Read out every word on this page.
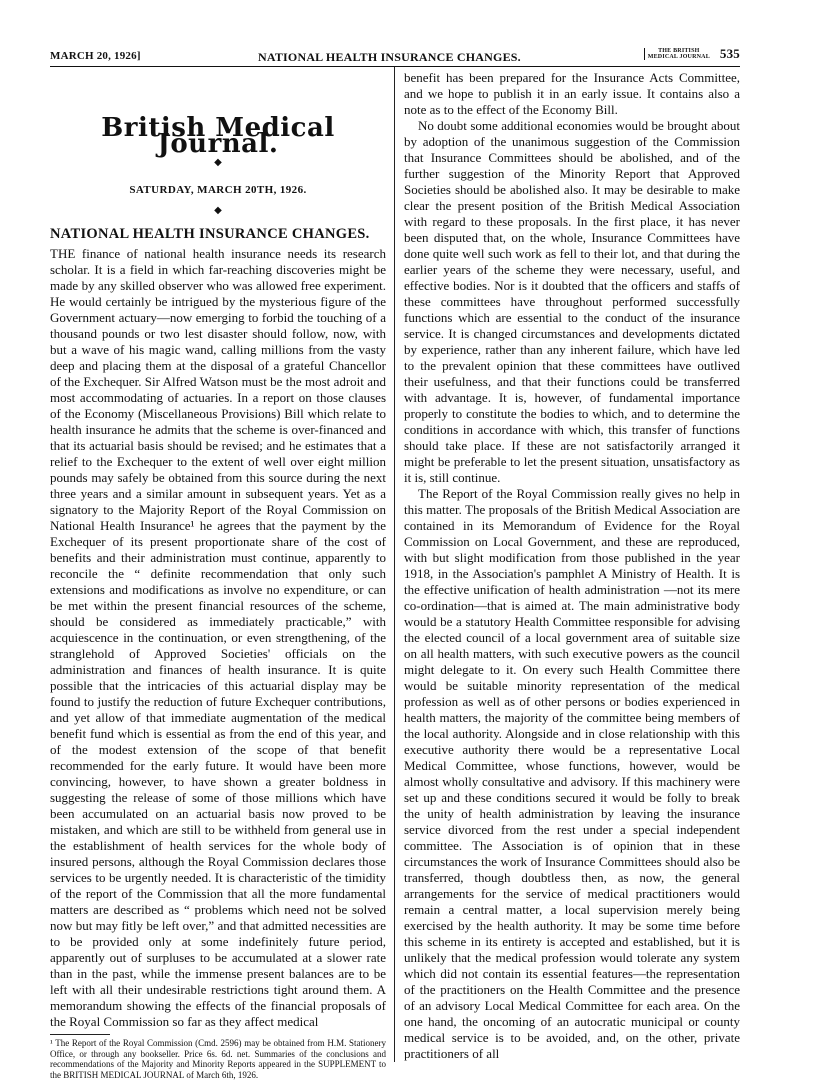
MARCH 20, 1926]	NATIONAL HEALTH INSURANCE CHANGES.	THE BRITISH
MEDICAL JOURNAL 535
British Medical Journal.
◆
SATURDAY, MARCH 20TH, 1926.
◆
NATIONAL HEALTH INSURANCE CHANGES.

THE finance of national health insurance needs its research scholar. It is a field in which far-reaching discoveries might be made by any skilled observer who was allowed free experiment. He would certainly be intrigued by the mysterious figure of the Government actuary—now emerging to forbid the touching of a thousand pounds or two lest disaster should follow, now, with but a wave of his magic wand, calling millions from the vasty deep and placing them at the disposal of a grateful Chancellor of the Exchequer. Sir Alfred Watson must be the most adroit and most accommodating of actuaries. In a report on those clauses of the Economy (Miscellaneous Provisions) Bill which relate to health insurance he admits that the scheme is over-financed and that its actuarial basis should be revised; and he estimates that a relief to the Exchequer to the extent of well over eight million pounds may safely be obtained from this source during the next three years and a similar amount in subsequent years. Yet as a signatory to the Majority Report of the Royal Commission on National Health Insurance¹ he agrees that the payment by the Exchequer of its present proportionate share of the cost of benefits and their administration must continue, apparently to reconcile the “ definite recommendation that only such extensions and modifications as involve no expenditure, or can be met within the present financial resources of the scheme, should be considered as immediately practicable,” with acquiescence in the continuation, or even strengthening, of the stranglehold of Approved Societies' officials on the administration and finances of health insurance. It is quite possible that the intricacies of this actuarial display may be found to justify the reduction of future Exchequer contributions, and yet allow of that immediate augmentation of the medical benefit fund which is essential as from the end of this year, and of the modest extension of the scope of that benefit recommended for the early future. It would have been more convincing, however, to have shown a greater boldness in suggesting the release of some of those millions which have been accumulated on an actuarial basis now proved to be mistaken, and which are still to be withheld from general use in the establishment of health services for the whole body of insured persons, although the Royal Commission declares those services to be urgently needed. It is characteristic of the timidity of the report of the Commission that all the more fundamental matters are described as “ problems which need not be solved now but may fitly be left over,” and that admitted necessities are to be provided only at some indefinitely future period, apparently out of surpluses to be accumulated at a slower rate than in the past, while the immense present balances are to be left with all their undesirable restrictions tight around them. A memorandum showing the effects of the financial proposals of the Royal Commission so far as they affect medical

¹ The Report of the Royal Commission (Cmd. 2596) may be obtained from H.M. Stationery Office, or through any bookseller. Price 6s. 6d. net. Summaries of the conclusions and recommendations of the Majority and Minority Reports appeared in the SUPPLEMENT to the BRITISH MEDICAL JOURNAL of March 6th, 1926.

benefit has been prepared for the Insurance Acts Committee, and we hope to publish it in an early issue. It contains also a note as to the effect of the Economy Bill.

No doubt some additional economies would be brought about by adoption of the unanimous suggestion of the Commission that Insurance Committees should be abolished, and of the further suggestion of the Minority Report that Approved Societies should be abolished also. It may be desirable to make clear the present position of the British Medical Association with regard to these proposals. In the first place, it has never been disputed that, on the whole, Insurance Committees have done quite well such work as fell to their lot, and that during the earlier years of the scheme they were necessary, useful, and effective bodies. Nor is it doubted that the officers and staffs of these committees have throughout performed successfully functions which are essential to the conduct of the insurance service. It is changed circumstances and developments dictated by experience, rather than any inherent failure, which have led to the prevalent opinion that these committees have outlived their usefulness, and that their functions could be transferred with advantage. It is, however, of fundamental importance properly to constitute the bodies to which, and to determine the conditions in accordance with which, this transfer of functions should take place. If these are not satisfactorily arranged it might be preferable to let the present situation, unsatisfactory as it is, still continue.

The Report of the Royal Commission really gives no help in this matter. The proposals of the British Medical Association are contained in its Memorandum of Evidence for the Royal Commission on Local Government, and these are reproduced, with but slight modification from those published in the year 1918, in the Association's pamphlet A Ministry of Health. It is the effective unification of health administration —not its mere co-ordination—that is aimed at. The main administrative body would be a statutory Health Committee responsible for advising the elected council of a local government area of suitable size on all health matters, with such executive powers as the council might delegate to it. On every such Health Committee there would be suitable minority representation of the medical profession as well as of other persons or bodies experienced in health matters, the majority of the committee being members of the local authority. Alongside and in close relationship with this executive authority there would be a representative Local Medical Committee, whose functions, however, would be almost wholly consultative and advisory. If this machinery were set up and these conditions secured it would be folly to break the unity of health administration by leaving the insurance service divorced from the rest under a special independent committee. The Association is of opinion that in these circumstances the work of Insurance Committees should also be transferred, though doubtless then, as now, the general arrangements for the service of medical practitioners would remain a central matter, a local supervision merely being exercised by the health authority. It may be some time before this scheme in its entirety is accepted and established, but it is unlikely that the medical profession would tolerate any system which did not contain its essential features—the representation of the practitioners on the Health Committee and the presence of an advisory Local Medical Committee for each area. On the one hand, the oncoming of an autocratic municipal or county medical service is to be avoided, and, on the other, private practitioners of all
